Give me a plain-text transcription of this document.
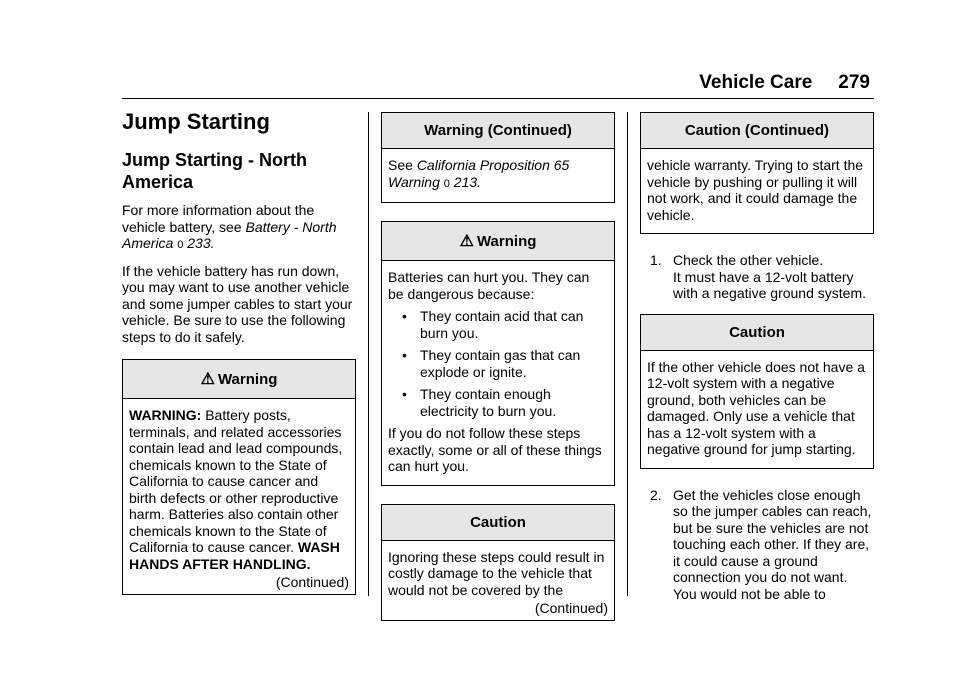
Vehicle Care 279
Jump Starting
Jump Starting - North America

For more information about the vehicle battery, see Battery - North America 0 233.

If the vehicle battery has run down, you may want to use another vehicle and some jumper cables to start your vehicle. Be sure to use the following steps to do it safely.

⚠ Warning

WARNING: Battery posts, terminals, and related accessories contain lead and lead compounds, chemicals known to the State of California to cause cancer and birth defects or other reproductive harm. Batteries also contain other chemicals known to the State of California to cause cancer. WASH HANDS AFTER HANDLING.

(Continued)
Warning (Continued)

See California Proposition 65 Warning 0 213.

⚠ Warning

Batteries can hurt you. They can be dangerous because:

• They contain acid that can burn you.
• They contain gas that can explode or ignite.
• They contain enough electricity to burn you.

If you do not follow these steps exactly, some or all of these things can hurt you.

Caution

Ignoring these steps could result in costly damage to the vehicle that would not be covered by the

(Continued)
Caution (Continued)

vehicle warranty. Trying to start the vehicle by pushing or pulling it will not work, and it could damage the vehicle.

1. Check the other vehicle.
It must have a 12-volt battery with a negative ground system.
Caution

If the other vehicle does not have a 12-volt system with a negative ground, both vehicles can be damaged. Only use a vehicle that has a 12-volt system with a negative ground for jump starting.

2. Get the vehicles close enough so the jumper cables can reach, but be sure the vehicles are not touching each other. If they are, it could cause a ground connection you do not want. You would not be able to
